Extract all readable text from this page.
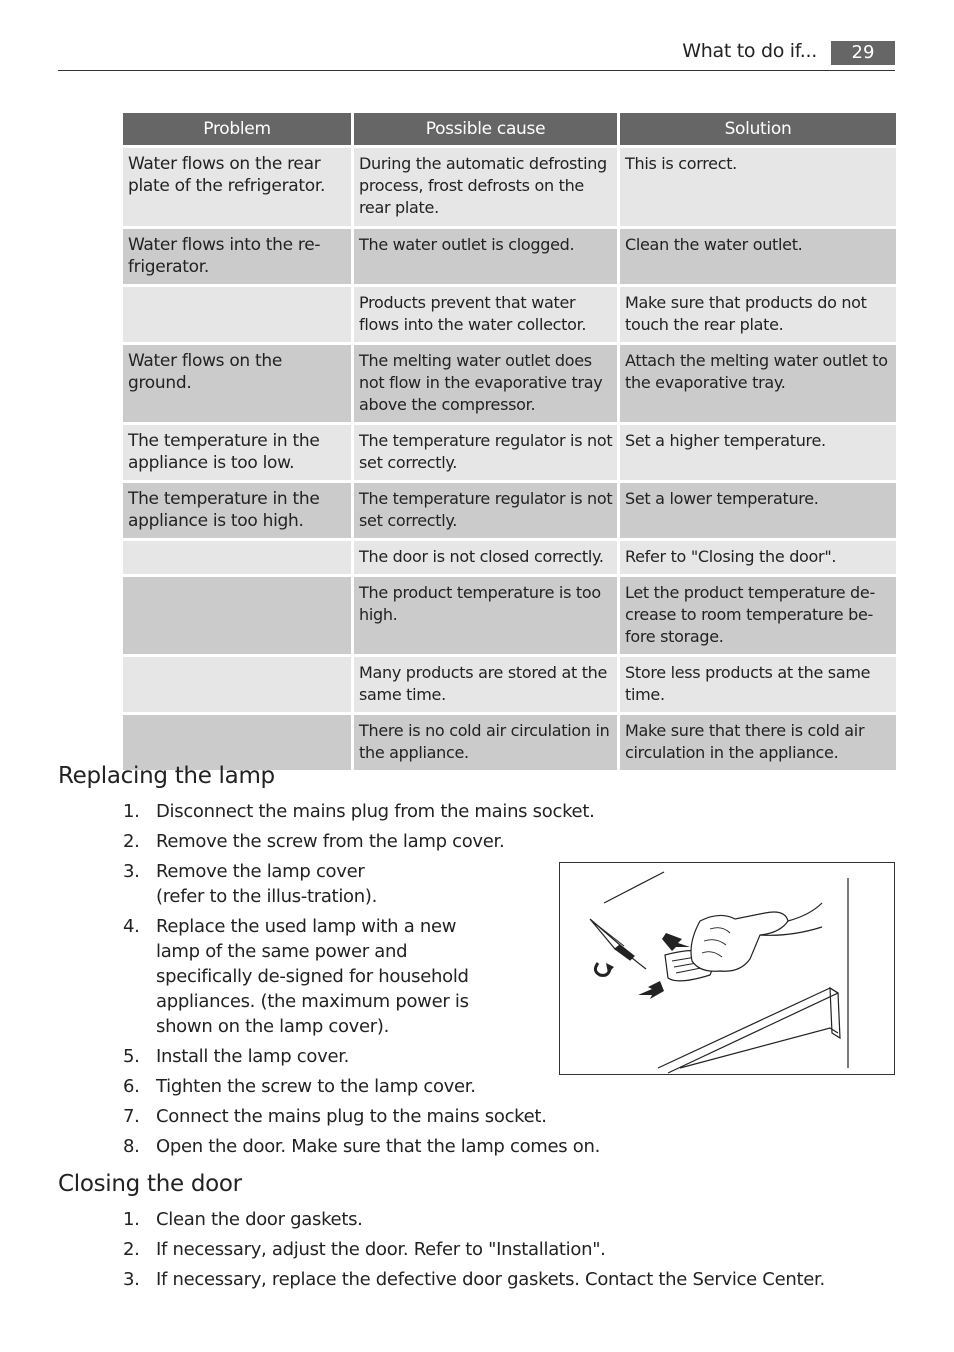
What to do if...	29
Problem	Possible cause	Solution
Water flows on the rear plate of the refrigerator.	During the automatic defrosting process, frost defrosts on the rear plate.	This is correct.
Water flows into the re-frigerator.	The water outlet is clogged.	Clean the water outlet.
	Products prevent that water flows into the water collector.	Make sure that products do not touch the rear plate.
Water flows on the ground.	The melting water outlet does not flow in the evaporative tray above the compressor.	Attach the melting water outlet to the evaporative tray.
The temperature in the appliance is too low.	The temperature regulator is not set correctly.	Set a higher temperature.
The temperature in the appliance is too high.	The temperature regulator is not set correctly.	Set a lower temperature.
	The door is not closed correctly.	Refer to "Closing the door".
	The product temperature is too high.	Let the product temperature de-crease to room temperature be-fore storage.
	Many products are stored at the same time.	Store less products at the same time.
	There is no cold air circulation in the appliance.	Make sure that there is cold air circulation in the appliance.
Replacing the lamp
1. Disconnect the mains plug from the mains socket.
2. Remove the screw from the lamp cover.
3. Remove the lamp cover (refer to the illus-tration).
4. Replace the used lamp with a new lamp of the same power and specifically de-signed for household appliances. (the maximum power is shown on the lamp cover).
5. Install the lamp cover.
6. Tighten the screw to the lamp cover.
7. Connect the mains plug to the mains socket.
8. Open the door. Make sure that the lamp comes on.
Closing the door
1. Clean the door gaskets.
2. If necessary, adjust the door. Refer to "Installation".
3. If necessary, replace the defective door gaskets. Contact the Service Center.
